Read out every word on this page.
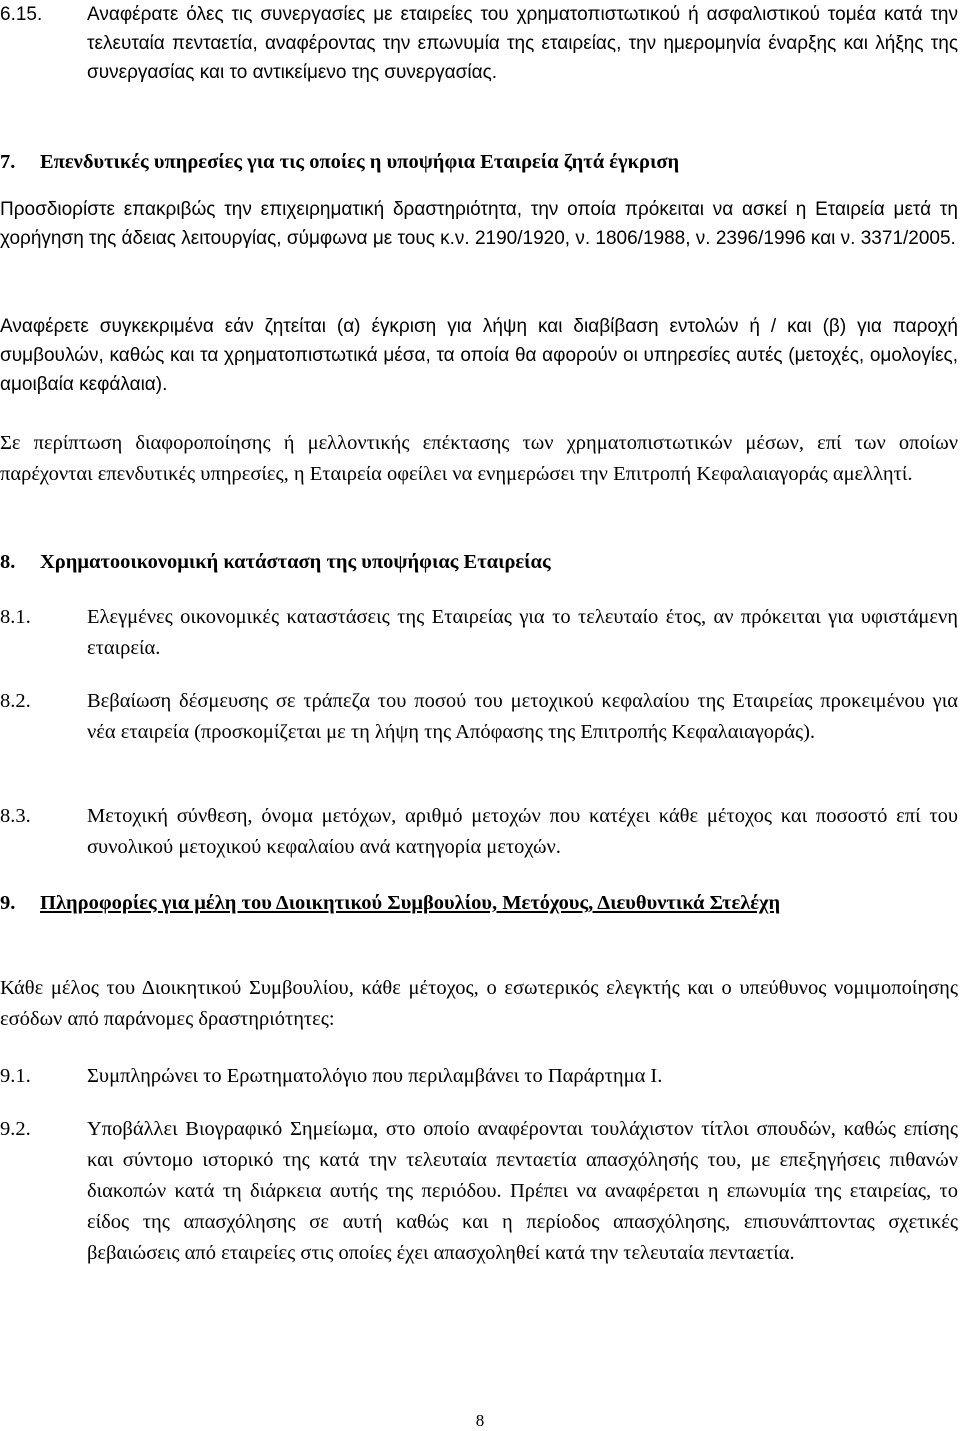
6.15. Αναφέρατε όλες τις συνεργασίες με εταιρείες του χρηματοπιστωτικού ή ασφαλιστικού τομέα κατά την τελευταία πενταετία, αναφέροντας την επωνυμία της εταιρείας, την ημερομηνία έναρξης και λήξης της συνεργασίας και το αντικείμενο της συνεργασίας.

7. Επενδυτικές υπηρεσίες για τις οποίες η υποψήφια Εταιρεία ζητά έγκριση

Προσδιορίστε επακριβώς την επιχειρηματική δραστηριότητα, την οποία πρόκειται να ασκεί η Εταιρεία μετά τη χορήγηση της άδειας λειτουργίας, σύμφωνα με τους κ.ν. 2190/1920, ν. 1806/1988, ν. 2396/1996 και ν. 3371/2005.

Αναφέρετε συγκεκριμένα εάν ζητείται (α) έγκριση για λήψη και διαβίβαση εντολών ή / και (β) για παροχή συμβουλών, καθώς και τα χρηματοπιστωτικά μέσα, τα οποία θα αφορούν οι υπηρεσίες αυτές (μετοχές, ομολογίες, αμοιβαία κεφάλαια).

Σε περίπτωση διαφοροποίησης ή μελλοντικής επέκτασης των χρηματοπιστωτικών μέσων, επί των οποίων παρέχονται επενδυτικές υπηρεσίες, η Εταιρεία οφείλει να ενημερώσει την Επιτροπή Κεφαλαιαγοράς αμελλητί.

8. Χρηματοοικονομική κατάσταση της υποψήφιας Εταιρείας
8.1.	Ελεγμένες οικονομικές καταστάσεις της Εταιρείας για το τελευταίο έτος, αν πρόκειται για υφιστάμενη εταιρεία.

8.2.	Βεβαίωση δέσμευσης σε τράπεζα του ποσού του μετοχικού κεφαλαίου της Εταιρείας προκειμένου για νέα εταιρεία (προσκομίζεται με τη λήψη της Απόφασης της Επιτροπής Κεφαλαιαγοράς).

8.3.	Μετοχική σύνθεση, όνομα μετόχων, αριθμό μετοχών που κατέχει κάθε μέτοχος και ποσοστό επί του συνολικού μετοχικού κεφαλαίου ανά κατηγορία μετοχών.

9. Πληροφορίες για μέλη του Διοικητικού Συμβουλίου, Μετόχους, Διευθυντικά Στελέχη

Κάθε μέλος του Διοικητικού Συμβουλίου, κάθε μέτοχος, ο εσωτερικός ελεγκτής και ο υπεύθυνος νομιμοποίησης εσόδων από παράνομες δραστηριότητες:

9.1.	Συμπληρώνει το Ερωτηματολόγιο που περιλαμβάνει το Παράρτημα Ι.

9.2.	Υποβάλλει Βιογραφικό Σημείωμα, στο οποίο αναφέρονται τουλάχιστον τίτλοι σπουδών, καθώς επίσης και σύντομο ιστορικό της κατά την τελευταία πενταετία απασχόλησής του, με επεξηγήσεις πιθανών διακοπών κατά τη διάρκεια αυτής της περιόδου. Πρέπει να αναφέρεται η επωνυμία της εταιρείας, το είδος της απασχόλησης σε αυτή καθώς και η περίοδος απασχόλησης, επισυνάπτοντας σχετικές βεβαιώσεις από εταιρείες στις οποίες έχει απασχοληθεί κατά την τελευταία πενταετία.

8
